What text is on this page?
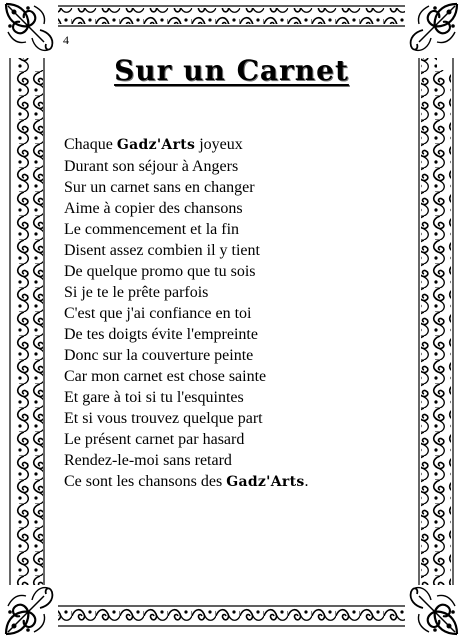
4
Sur un Carnet
Chaque Gadz'Arts joyeux
Durant son séjour à Angers
Sur un carnet sans en changer
Aime à copier des chansons
Le commencement et la fin
Disent assez combien il y tient
De quelque promo que tu sois
Si je te le prête parfois
C'est que j'ai confiance en toi
De tes doigts évite l'empreinte
Donc sur la couverture peinte
Car mon carnet est chose sainte
Et gare à toi si tu l'esquintes
Et si vous trouvez quelque part
Le présent carnet par hasard
Rendez-le-moi sans retard
Ce sont les chansons des Gadz'Arts.
